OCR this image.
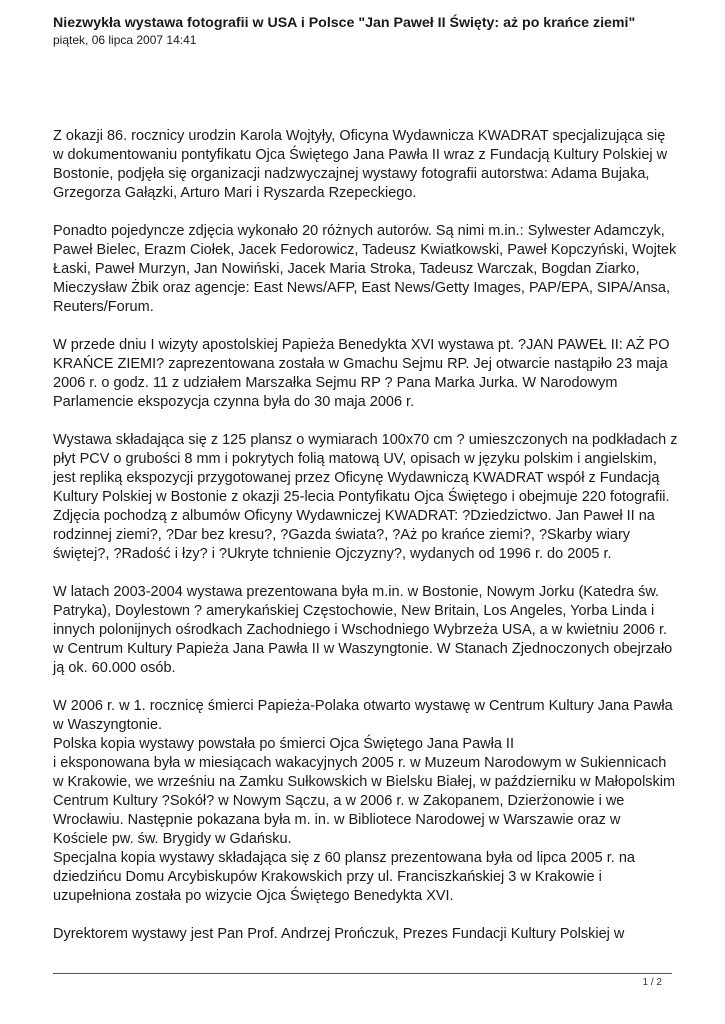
Niezwykła wystawa fotografii w USA i Polsce "Jan Paweł II Święty: aż po krańce ziemi"

piątek, 06 lipca 2007 14:41

Z okazji 86. rocznicy urodzin Karola Wojtyły, Oficyna Wydawnicza KWADRAT specjalizująca się w dokumentowaniu pontyfikatu Ojca Świętego Jana Pawła II wraz z Fundacją Kultury Polskiej w Bostonie, podjęła się organizacji nadzwyczajnej wystawy fotografii autorstwa: Adama Bujaka, Grzegorza Gałązki, Arturo Mari i Ryszarda Rzepeckiego.

Ponadto pojedyncze zdjęcia wykonało 20 różnych autorów. Są nimi m.in.: Sylwester Adamczyk, Paweł Bielec, Erazm Ciołek, Jacek Fedorowicz, Tadeusz Kwiatkowski, Paweł Kopczyński, Wojtek Łaski, Paweł Murzyn, Jan Nowiński, Jacek Maria Stroka, Tadeusz Warczak, Bogdan Ziarko, Mieczysław Żbik oraz agencje: East News/AFP, East News/Getty Images, PAP/EPA, SIPA/Ansa, Reuters/Forum.

W przede dniu I wizyty apostolskiej Papieża Benedykta XVI wystawa pt. ?JAN PAWEŁ II: AŻ PO KRAŃCE ZIEMI? zaprezentowana została w Gmachu Sejmu RP. Jej otwarcie nastąpiło 23 maja 2006 r. o godz. 11 z udziałem Marszałka Sejmu RP ? Pana Marka Jurka. W Narodowym Parlamencie ekspozycja czynna była do 30 maja 2006 r.

Wystawa składająca się z 125 plansz o wymiarach 100x70 cm ? umieszczonych na podkładach z płyt PCV o grubości 8 mm i pokrytych folią matową UV, opisach w języku polskim i angielskim, jest repliką ekspozycji przygotowanej przez Oficynę Wydawniczą KWADRAT współ z Fundacją Kultury Polskiej w Bostonie z okazji 25-lecia Pontyfikatu Ojca Świętego i obejmuje 220 fotografii. Zdjęcia pochodzą z albumów Oficyny Wydawniczej KWADRAT: ?Dziedzictwo. Jan Paweł II na rodzinnej ziemi?, ?Dar bez kresu?, ?Gazda świata?, ?Aż po krańce ziemi?, ?Skarby wiary świętej?, ?Radość i łzy? i ?Ukryte tchnienie Ojczyzny?, wydanych od 1996 r. do 2005 r.

W latach 2003-2004 wystawa prezentowana była m.in. w Bostonie, Nowym Jorku (Katedra św. Patryka), Doylestown ? amerykańskiej Częstochowie, New Britain, Los Angeles, Yorba Linda i innych polonijnych ośrodkach Zachodniego i Wschodniego Wybrzeża USA, a w kwietniu 2006 r. w Centrum Kultury Papieża Jana Pawła II w Waszyngtonie. W Stanach Zjednoczonych obejrzało ją ok. 60.000 osób.

W 2006 r. w 1. rocznicę śmierci Papieża-Polaka otwarto wystawę w Centrum Kultury Jana Pawła w Waszyngtonie.

Polska kopia wystawy powstała po śmierci Ojca Świętego Jana Pawła II
i eksponowana była w miesiącach wakacyjnych 2005 r. w Muzeum Narodowym w Sukiennicach w Krakowie, we wrześniu na Zamku Sułkowskich w Bielsku Białej, w październiku w Małopolskim Centrum Kultury ?Sokół? w Nowym Sączu, a w 2006 r. w Zakopanem, Dzierżonowie i we Wrocławiu. Następnie pokazana była m. in. w Bibliotece Narodowej w Warszawie oraz w Kościele pw. św. Brygidy w Gdańsku.

Specjalna kopia wystawy składająca się z 60 plansz prezentowana była od lipca 2005 r. na dziedzińcu Domu Arcybiskupów Krakowskich przy ul. Franciszkańskiej 3 w Krakowie i uzupełniona została po wizycie Ojca Świętego Benedykta XVI.

Dyrektorem wystawy jest Pan Prof. Andrzej Prończuk, Prezes Fundacji Kultury Polskiej w

1 / 2
